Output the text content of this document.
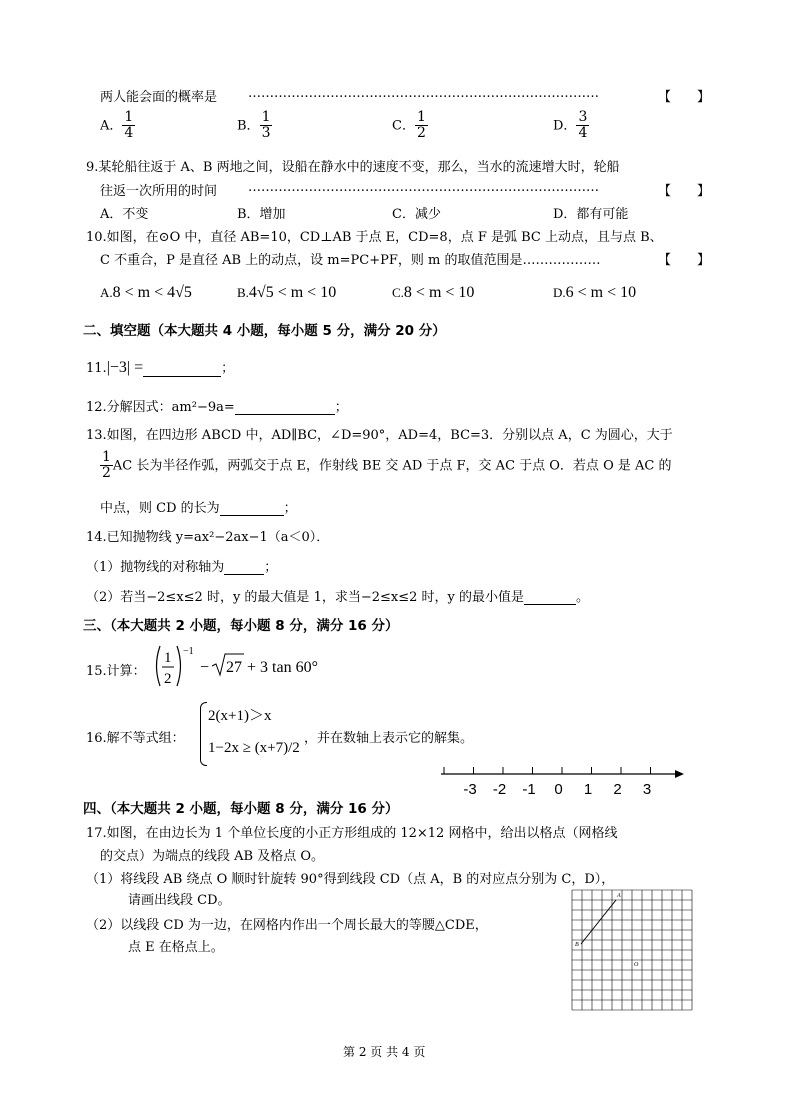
两人能会面的概率是 ………………………………………………………………………	【　　】
A． $\frac{1}{4}$	B． $\frac{1}{3}$	C． $\frac{1}{2}$	D． $\frac{3}{4}$
9.某轮船往返于 A、B 两地之间，设船在静水中的速度不变，那么，当水的流速增大时，轮船
往返一次所用的时间 ………………………………………………………………………	【　　】
A．不变	B．增加	C．减少	D．都有可能
10.如图，在⊙O 中，直径 AB=10，CD⊥AB 于点 E，CD=8，点 F 是弧 BC 上动点，且与点 B、
C 不重合，P 是直径 AB 上的动点，设 m=PC+PF，则 m 的取值范围是………………	【　　】
A.8 < m < 4√5	B.4√5 < m < 10	C.8 < m < 10	D.6 < m < 10
二、填空题（本大题共 4 小题，每小题 5 分，满分 20 分）
11.|−3| =	；
12.分解因式：am²−9a=	；
13.如图，在四边形 ABCD 中，AD∥BC，∠D=90°，AD=4，BC=3．分别以点 A，C 为圆心，大于
$\frac{1}{2}$ AC 长为半径作弧，两弧交于点 E，作射线 BE 交 AD 于点 F，交 AC 于点 O．若点 O 是 AC 的
中点，则 CD 的长为	；
14.已知抛物线 y=ax²−2ax−1（a＜0）．
（1）抛物线的对称轴为	；
（2）若当−2≤x≤2 时，y 的最大值是 1，求当−2≤x≤2 时，y 的最小值是	。
三、（本大题共 2 小题，每小题 8 分，满分 16 分）
15.计算：
1
2
−1
− 27 + 3 tan 60°
16.解不等式组：
2(x+1)＞x
1−2x ≥ (x+7)/2
，并在数轴上表示它的解集。
-3 -2 -1 0 1 2 3
四、（本大题共 2 小题，每小题 8 分，满分 16 分）
17.如图，在由边长为 1 个单位长度的小正方形组成的 12×12 网格中，给出以格点（网格线
的交点）为端点的线段 AB 及格点 O。
（1）将线段 AB 绕点 O 顺时针旋转 90°得到线段 CD（点 A，B 的对应点分别为 C，D），
请画出线段 CD。
（2）以线段 CD 为一边，在网格内作出一个周长最大的等腰△CDE，
点 E 在格点上。
A
B
O
第 2 页 共 4 页
